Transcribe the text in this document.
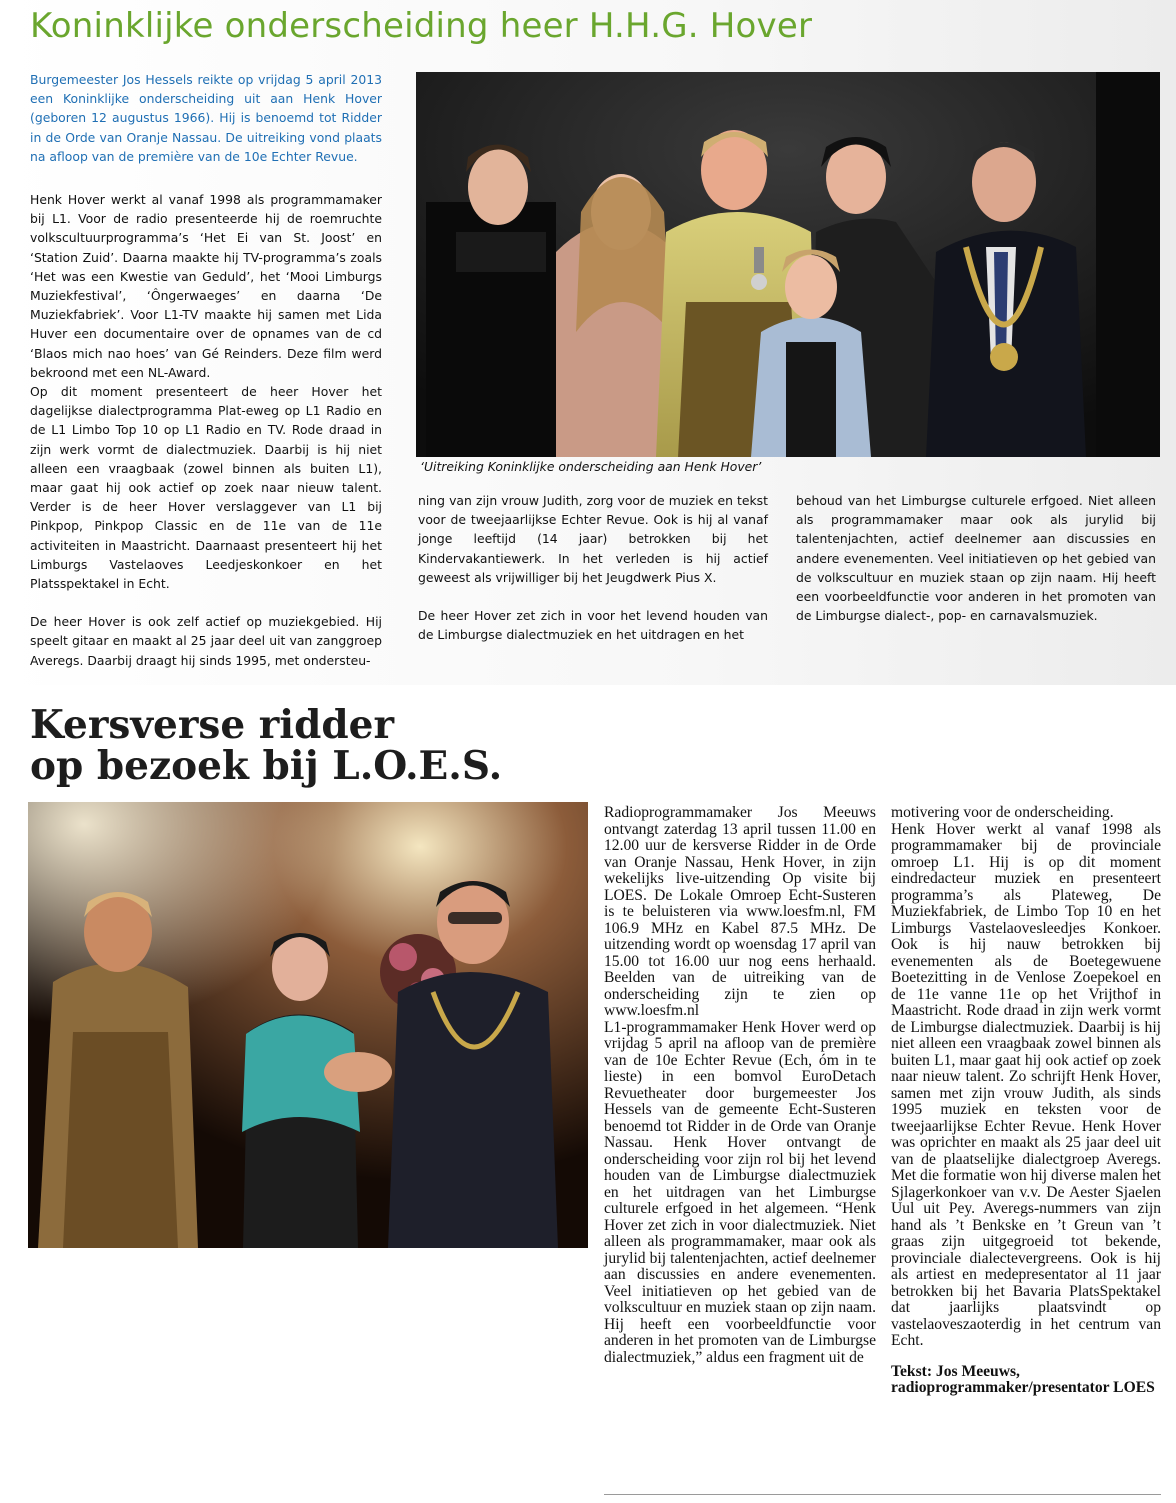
Koninklijke onderscheiding heer H.H.G. Hover

Burgemeester Jos Hessels reikte op vrijdag 5 april 2013 een Koninklijke onderscheiding uit aan Henk Hover (geboren 12 augustus 1966). Hij is benoemd tot Ridder in de Orde van Oranje Nassau. De uitreiking vond plaats na afloop van de première van de 10e Echter Revue.

Henk Hover werkt al vanaf 1998 als programmamaker bij L1. Voor de radio presenteerde hij de roemruchte volkscultuurprogramma’s ‘Het Ei van St. Joost’ en ‘Station Zuid’. Daarna maakte hij TV-programma’s zoals ‘Het was een Kwestie van Geduld’, het ‘Mooi Limburgs Muziekfestival’, ‘Ôngerwaeges’ en daarna ‘De Muziekfabriek’. Voor L1-TV maakte hij samen met Lida Huver een documentaire over de opnames van de cd ‘Blaos mich nao hoes’ van Gé Reinders. Deze film werd bekroond met een NL-Award.

Op dit moment presenteert de heer Hover het dagelijkse dialectprogramma Plat-eweg op L1 Radio en de L1 Limbo Top 10 op L1 Radio en TV. Rode draad in zijn werk vormt de dialectmuziek. Daarbij is hij niet alleen een vraagbaak (zowel binnen als buiten L1), maar gaat hij ook actief op zoek naar nieuw talent. Verder is de heer Hover verslaggever van L1 bij Pinkpop, Pinkpop Classic en de 11e van de 11e activiteiten in Maastricht. Daarnaast presenteert hij het Limburgs Vastelaoves Leedjeskonkoer en het Platsspektakel in Echt.

De heer Hover is ook zelf actief op muziekgebied. Hij speelt gitaar en maakt al 25 jaar deel uit van zanggroep Averegs. Daarbij draagt hij sinds 1995, met ondersteu-

‘Uitreiking Koninklijke onderscheiding aan Henk Hover’

ning van zijn vrouw Judith, zorg voor de muziek en tekst voor de tweejaarlijkse Echter Revue. Ook is hij al vanaf jonge leeftijd (14 jaar) betrokken bij het Kindervakantiewerk. In het verleden is hij actief geweest als vrijwilliger bij het Jeugdwerk Pius X.

De heer Hover zet zich in voor het levend houden van de Limburgse dialectmuziek en het uitdragen en het

behoud van het Limburgse culturele erfgoed. Niet alleen als programmamaker maar ook als jurylid bij talentenjachten, actief deelnemer aan discussies en andere evenementen. Veel initiatieven op het gebied van de volkscultuur en muziek staan op zijn naam. Hij heeft een voorbeeldfunctie voor anderen in het promoten van de Limburgse dialect-, pop- en carnavalsmuziek.

Kersverse ridder
op bezoek bij L.O.E.S.

Radioprogrammamaker Jos Meeuws ontvangt zaterdag 13 april tussen 11.00 en 12.00 uur de kersverse Ridder in de Orde van Oranje Nassau, Henk Hover, in zijn wekelijks live-uitzending Op visite bij LOES. De Lokale Omroep Echt-Susteren is te beluisteren via www.loesfm.nl, FM 106.9 MHz en Kabel 87.5 MHz. De uitzending wordt op woensdag 17 april van 15.00 tot 16.00 uur nog eens herhaald. Beelden van de uitreiking van de onderscheiding zijn te zien op www.loesfm.nl

L1-programmamaker Henk Hover werd op vrijdag 5 april na afloop van de première van de 10e Echter Revue (Ech, óm in te lieste) in een bomvol EuroDetach Revuetheater door burgemeester Jos Hessels van de gemeente Echt-Susteren benoemd tot Ridder in de Orde van Oranje Nassau. Henk Hover ontvangt de onderscheiding voor zijn rol bij het levend houden van de Limburgse dialectmuziek en het uitdragen van het Limburgse culturele erfgoed in het algemeen. “Henk Hover zet zich in voor dialectmuziek. Niet alleen als programmamaker, maar ook als jurylid bij talentenjachten, actief deelnemer aan discussies en andere evenementen. Veel initiatieven op het gebied van de volkscultuur en muziek staan op zijn naam. Hij heeft een voorbeeldfunctie voor anderen in het promoten van de Limburgse dialectmuziek,” aldus een fragment uit de

motivering voor de onderscheiding.

Henk Hover werkt al vanaf 1998 als programmamaker bij de provinciale omroep L1. Hij is op dit moment eindredacteur muziek en presenteert programma’s als Plateweg, De Muziekfabriek, de Limbo Top 10 en het Limburgs Vastelaovesleedjes Konkoer. Ook is hij nauw betrokken bij evenementen als de Boetegewuene Boetezitting in de Venlose Zoepekoel en de 11e vanne 11e op het Vrijthof in Maastricht. Rode draad in zijn werk vormt de Limburgse dialectmuziek. Daarbij is hij niet alleen een vraagbaak zowel binnen als buiten L1, maar gaat hij ook actief op zoek naar nieuw talent. Zo schrijft Henk Hover, samen met zijn vrouw Judith, als sinds 1995 muziek en teksten voor de tweejaarlijkse Echter Revue. Henk Hover was oprichter en maakt als 25 jaar deel uit van de plaatselijke dialectgroep Averegs. Met die formatie won hij diverse malen het Sjlagerkonkoer van v.v. De Aester Sjaelen Uul uit Pey. Averegs-nummers van zijn hand als ’t Benkske en ’t Greun van ’t graas zijn uitgegroeid tot bekende, provinciale dialectevergreens. Ook is hij als artiest en medepresentator al 11 jaar betrokken bij het Bavaria PlatsSpektakel dat jaarlijks plaatsvindt op vastelaoveszaoterdig in het centrum van Echt.

Tekst: Jos Meeuws, radioprogrammaker/presentator LOES
